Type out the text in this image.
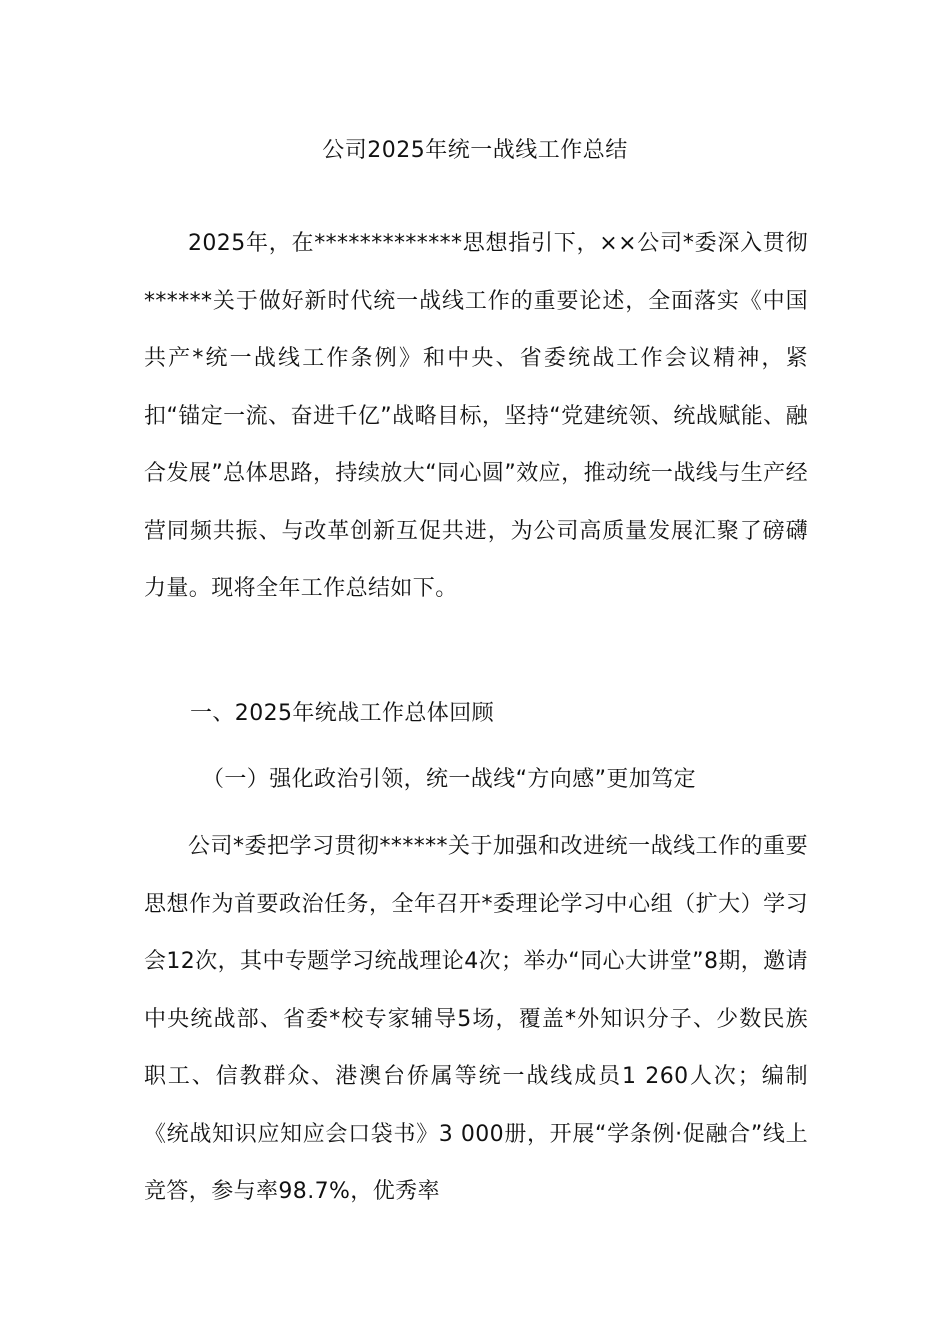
公司2025年统一战线工作总结
2025年，在*************思想指引下，××公司*委深入贯彻******关于做好新时代统一战线工作的重要论述，全面落实《中国共产*统一战线工作条例》和中央、省委统战工作会议精神，紧扣“锚定一流、奋进千亿”战略目标，坚持“党建统领、统战赋能、融合发展”总体思路，持续放大“同心圆”效应，推动统一战线与生产经营同频共振、与改革创新互促共进，为公司高质量发展汇聚了磅礴力量。现将全年工作总结如下。
一、2025年统战工作总体回顾
（一）强化政治引领，统一战线“方向感”更加笃定
公司*委把学习贯彻******关于加强和改进统一战线工作的重要思想作为首要政治任务，全年召开*委理论学习中心组（扩大）学习会12次，其中专题学习统战理论4次；举办“同心大讲堂”8期，邀请中央统战部、省委*校专家辅导5场，覆盖*外知识分子、少数民族职工、信教群众、港澳台侨属等统一战线成员1 260人次；编制《统战知识应知应会口袋书》3 000册，开展“学条例·促融合”线上竞答，参与率98.7%，优秀率
